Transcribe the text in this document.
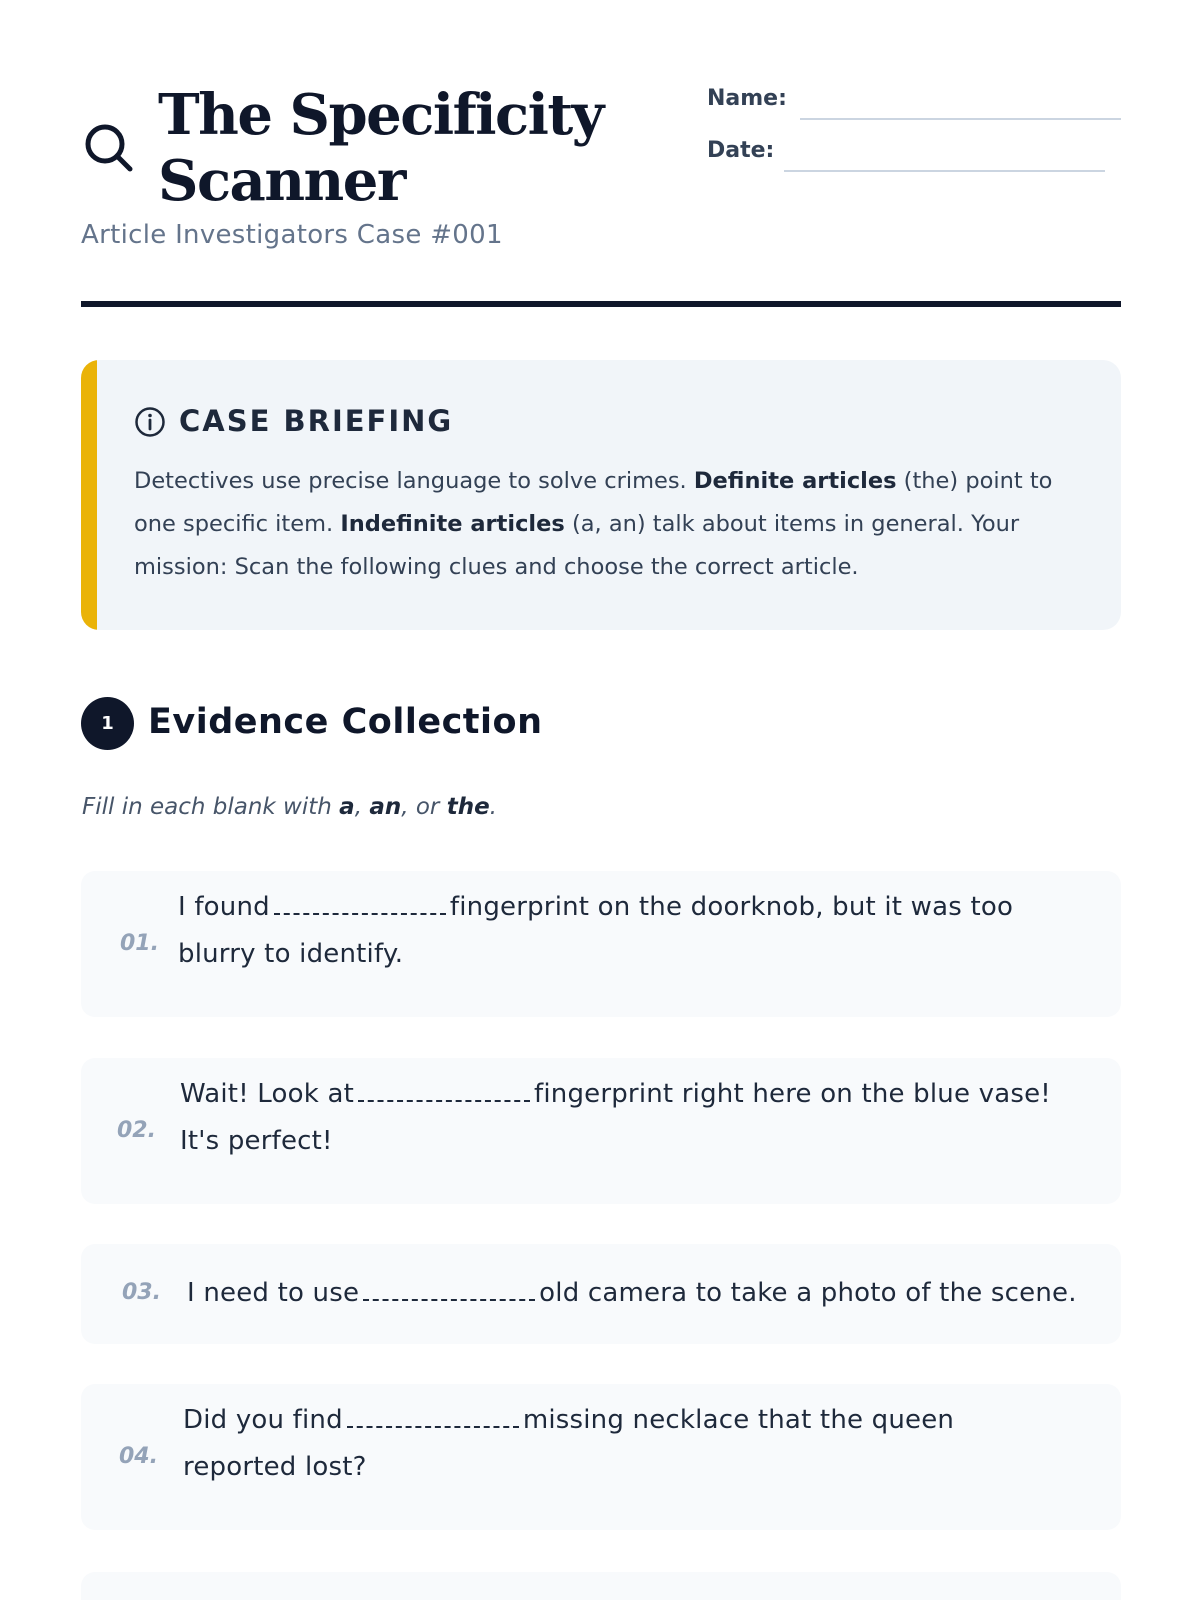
The Specificity
Scanner
Article Investigators Case #001
Name:
Date:
CASE BRIEFING

Detectives use precise language to solve crimes. Definite articles (the) point to one specific item. Indefinite articles (a, an) talk about items in general. Your mission: Scan the following clues and choose the correct article.

1 Evidence Collection

Fill in each blank with a, an, or the.

01.

I found	fingerprint on the doorknob, but it was too blurry to identify.

02.

Wait! Look at	fingerprint right here on the blue vase! It's perfect!

03. I need to use	old camera to take a photo of the scene.

04.

Did you find	missing necklace that the queen reported lost?
